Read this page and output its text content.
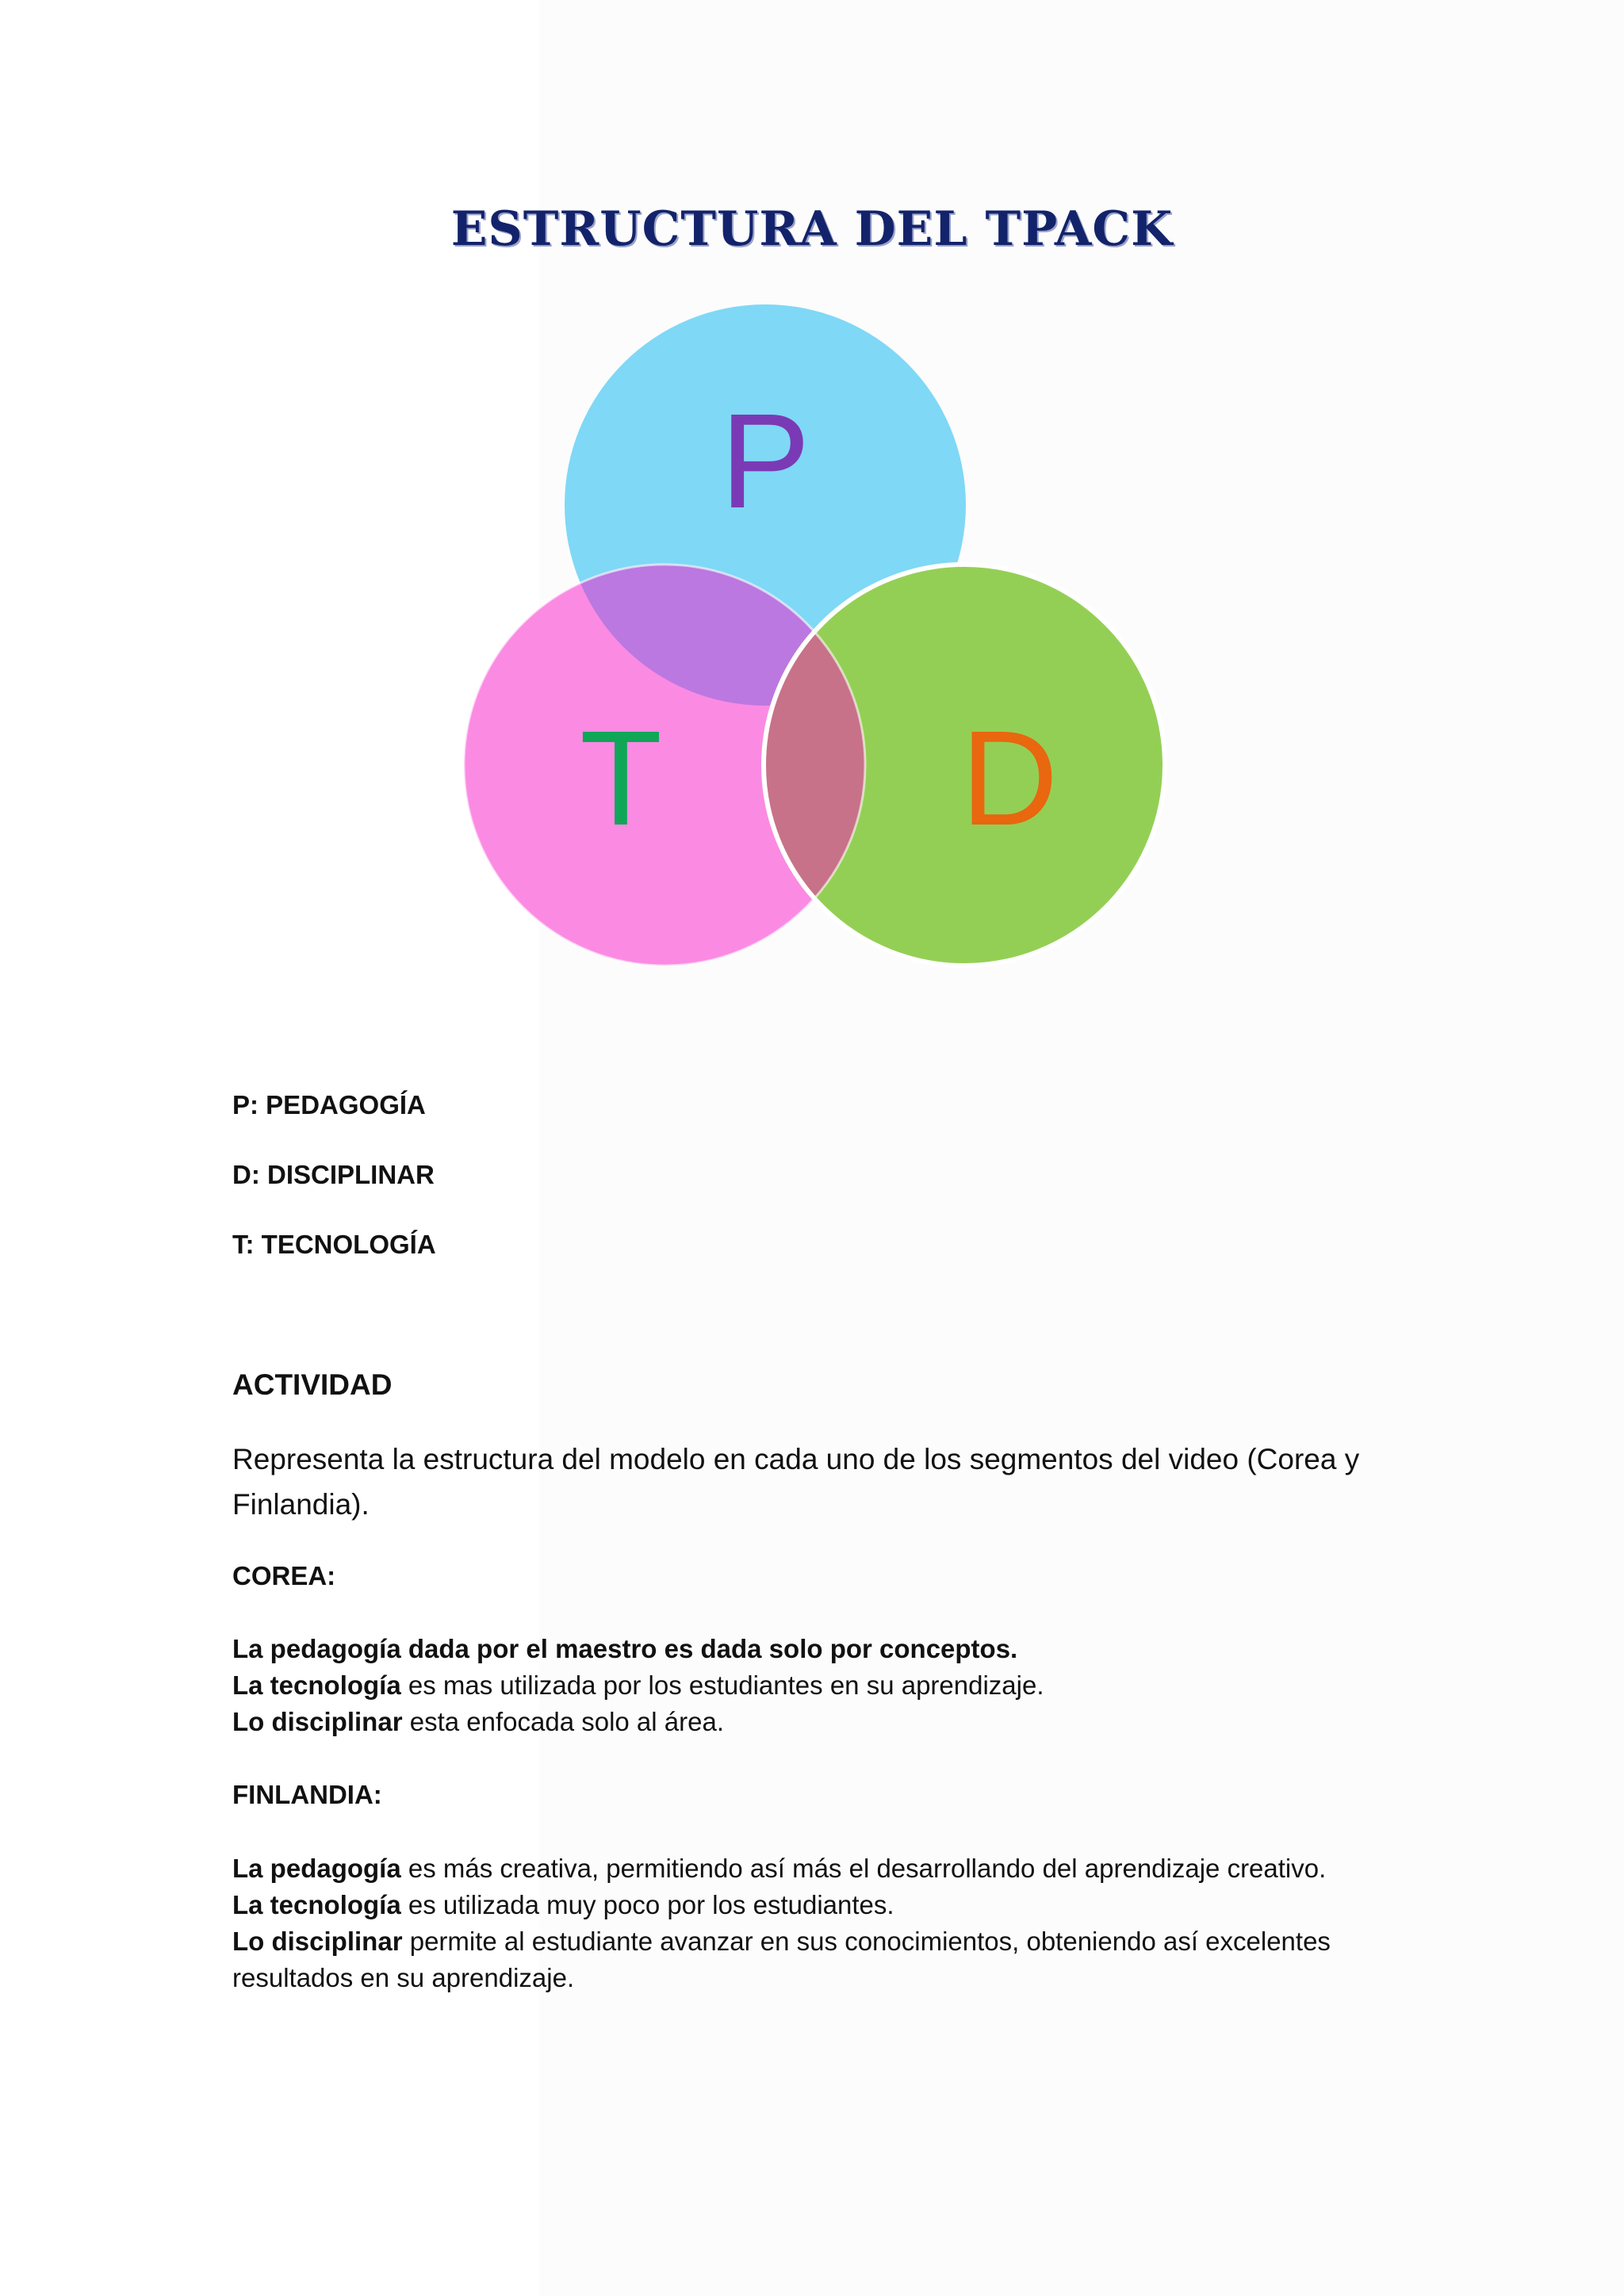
ESTRUCTURA DEL TPACK
P
T D

P: PEDAGOGÍA

D: DISCIPLINAR

T: TECNOLOGÍA

ACTIVIDAD

Representa la estructura del modelo en cada uno de los segmentos del video (Corea y Finlandia).

COREA:

La pedagogía dada por el maestro es dada solo por conceptos.

La tecnología es mas utilizada por los estudiantes en su aprendizaje.

Lo disciplinar esta enfocada solo al área.

FINLANDIA:

La pedagogía es más creativa, permitiendo así más el desarrollando del aprendizaje creativo.

La tecnología es utilizada muy poco por los estudiantes.

Lo disciplinar permite al estudiante avanzar en sus conocimientos, obteniendo así excelentes

resultados en su aprendizaje.
